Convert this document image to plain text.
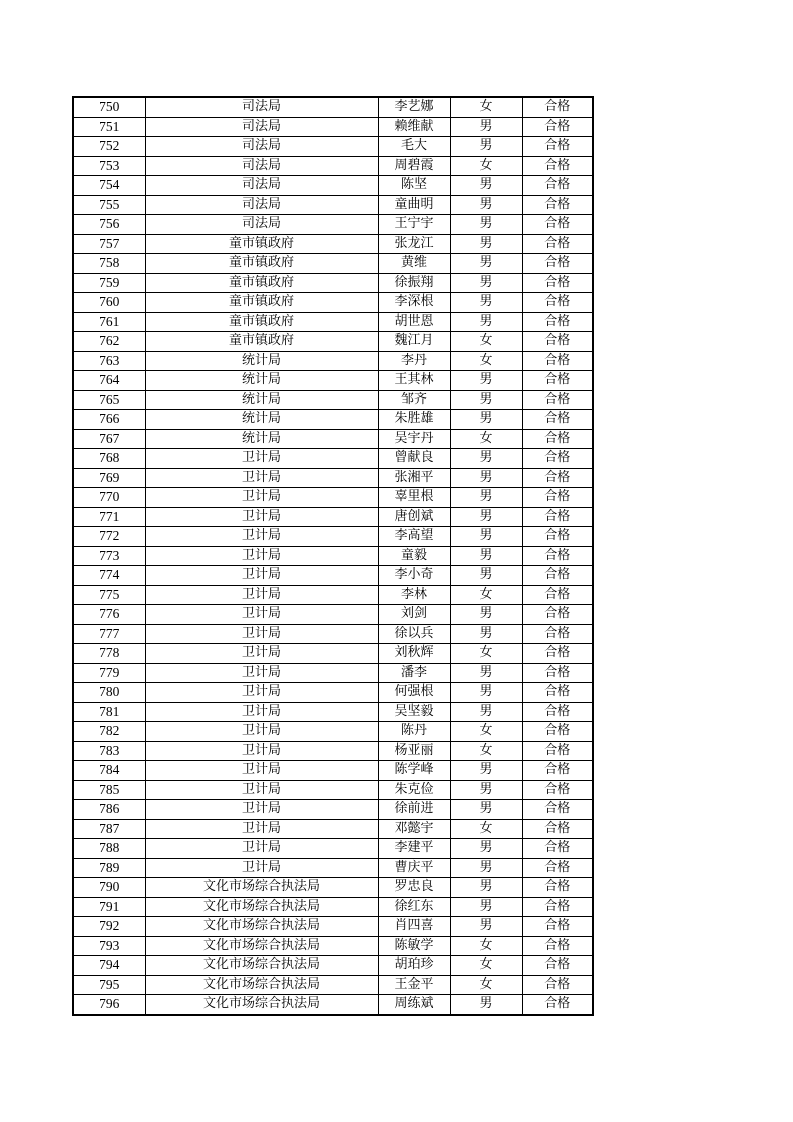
750	司法局	李艺娜	女	合格
751	司法局	赖维献	男	合格
752	司法局	毛大	男	合格
753	司法局	周碧霞	女	合格
754	司法局	陈坚	男	合格
755	司法局	童曲明	男	合格
756	司法局	王宁宇	男	合格
757	童市镇政府	张龙江	男	合格
758	童市镇政府	黄维	男	合格
759	童市镇政府	徐振翔	男	合格
760	童市镇政府	李深根	男	合格
761	童市镇政府	胡世恩	男	合格
762	童市镇政府	魏江月	女	合格
763	统计局	李丹	女	合格
764	统计局	王其林	男	合格
765	统计局	邹齐	男	合格
766	统计局	朱胜雄	男	合格
767	统计局	吴宇丹	女	合格
768	卫计局	曾献良	男	合格
769	卫计局	张湘平	男	合格
770	卫计局	辜里根	男	合格
771	卫计局	唐创斌	男	合格
772	卫计局	李高望	男	合格
773	卫计局	童毅	男	合格
774	卫计局	李小奇	男	合格
775	卫计局	李林	女	合格
776	卫计局	刘剑	男	合格
777	卫计局	徐以兵	男	合格
778	卫计局	刘秋辉	女	合格
779	卫计局	潘李	男	合格
780	卫计局	何强根	男	合格
781	卫计局	吴坚毅	男	合格
782	卫计局	陈丹	女	合格
783	卫计局	杨亚丽	女	合格
784	卫计局	陈学峰	男	合格
785	卫计局	朱克俭	男	合格
786	卫计局	徐前进	男	合格
787	卫计局	邓懿宇	女	合格
788	卫计局	李建平	男	合格
789	卫计局	曹庆平	男	合格
790	文化市场综合执法局	罗忠良	男	合格
791	文化市场综合执法局	徐红东	男	合格
792	文化市场综合执法局	肖四喜	男	合格
793	文化市场综合执法局	陈敏学	女	合格
794	文化市场综合执法局	胡珀珍	女	合格
795	文化市场综合执法局	王金平	女	合格
796	文化市场综合执法局	周练斌	男	合格
